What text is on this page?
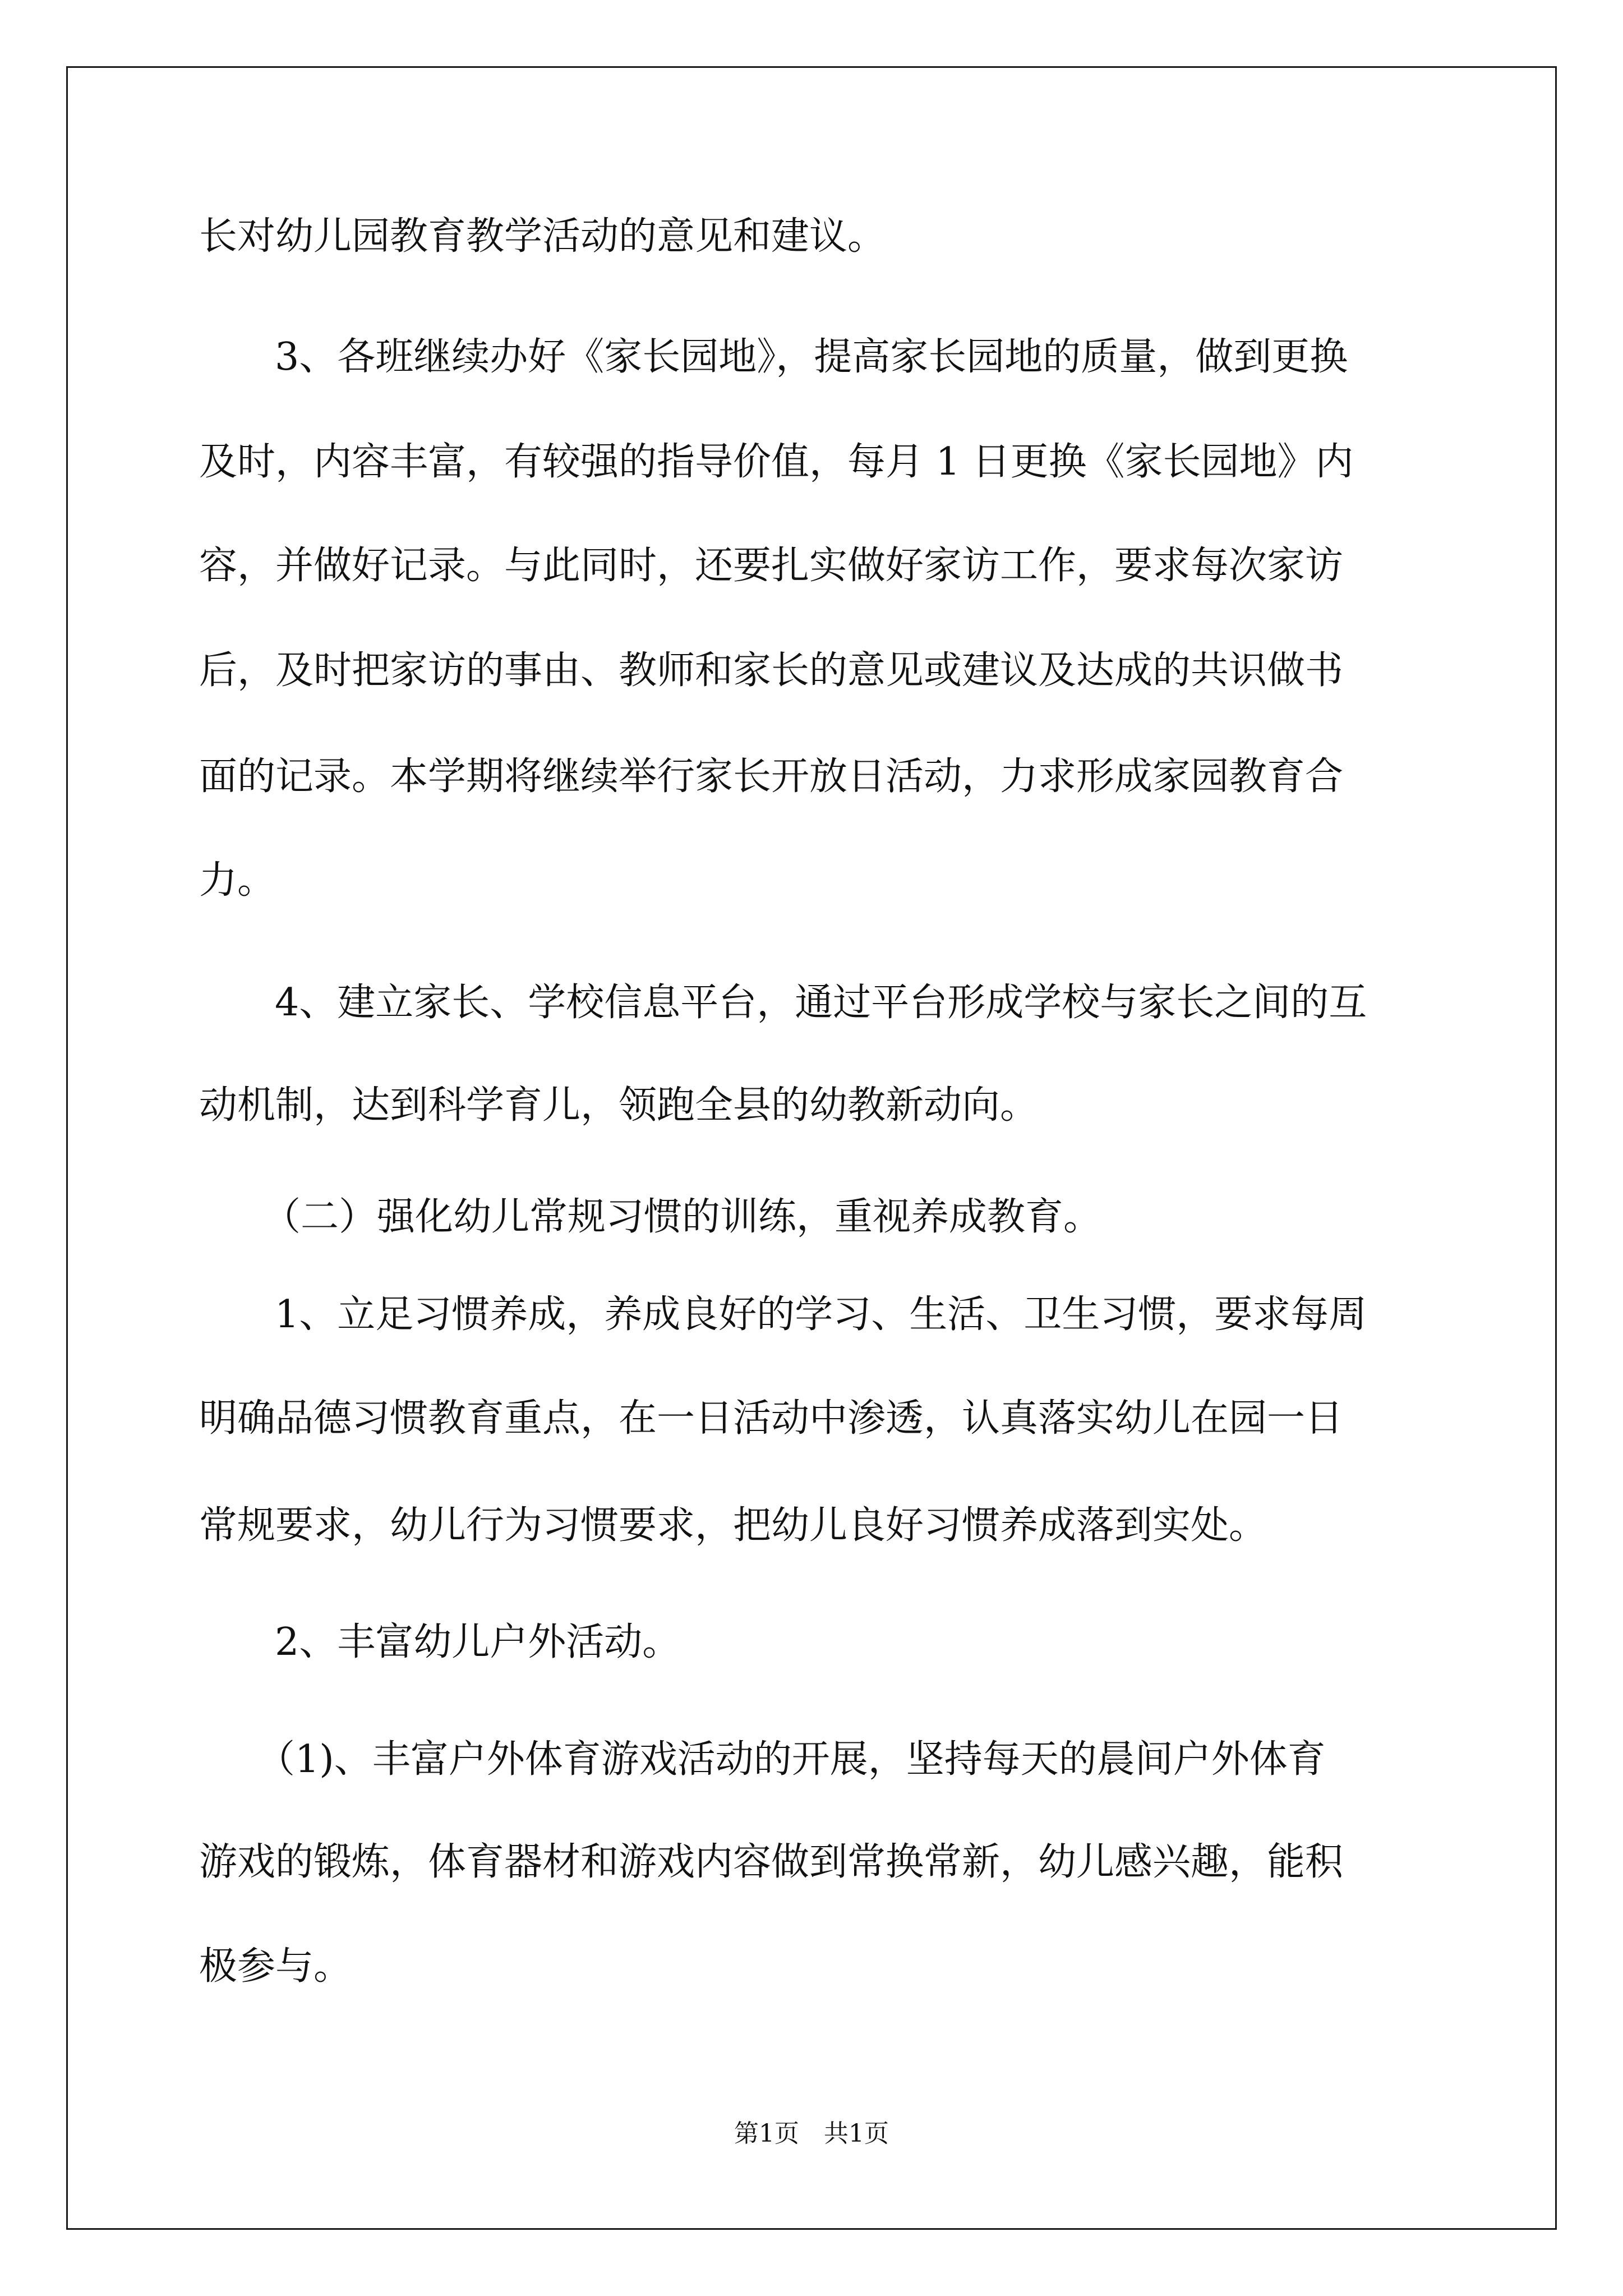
长对幼儿园教育教学活动的意见和建议。
3、各班继续办好《家长园地》，提高家长园地的质量，做到更换
及时，内容丰富，有较强的指导价值，每月 1 日更换《家长园地》内
容，并做好记录。与此同时，还要扎实做好家访工作，要求每次家访
后，及时把家访的事由、教师和家长的意见或建议及达成的共识做书
面的记录。本学期将继续举行家长开放日活动，力求形成家园教育合
力。
4、建立家长、学校信息平台，通过平台形成学校与家长之间的互
动机制，达到科学育儿，领跑全县的幼教新动向。
（二）强化幼儿常规习惯的训练，重视养成教育。
1、立足习惯养成，养成良好的学习、生活、卫生习惯，要求每周
明确品德习惯教育重点，在一日活动中渗透，认真落实幼儿在园一日
常规要求，幼儿行为习惯要求，把幼儿良好习惯养成落到实处。
2、丰富幼儿户外活动。
（1)、丰富户外体育游戏活动的开展，坚持每天的晨间户外体育
游戏的锻炼，体育器材和游戏内容做到常换常新，幼儿感兴趣，能积
极参与。
第1页　共1页
